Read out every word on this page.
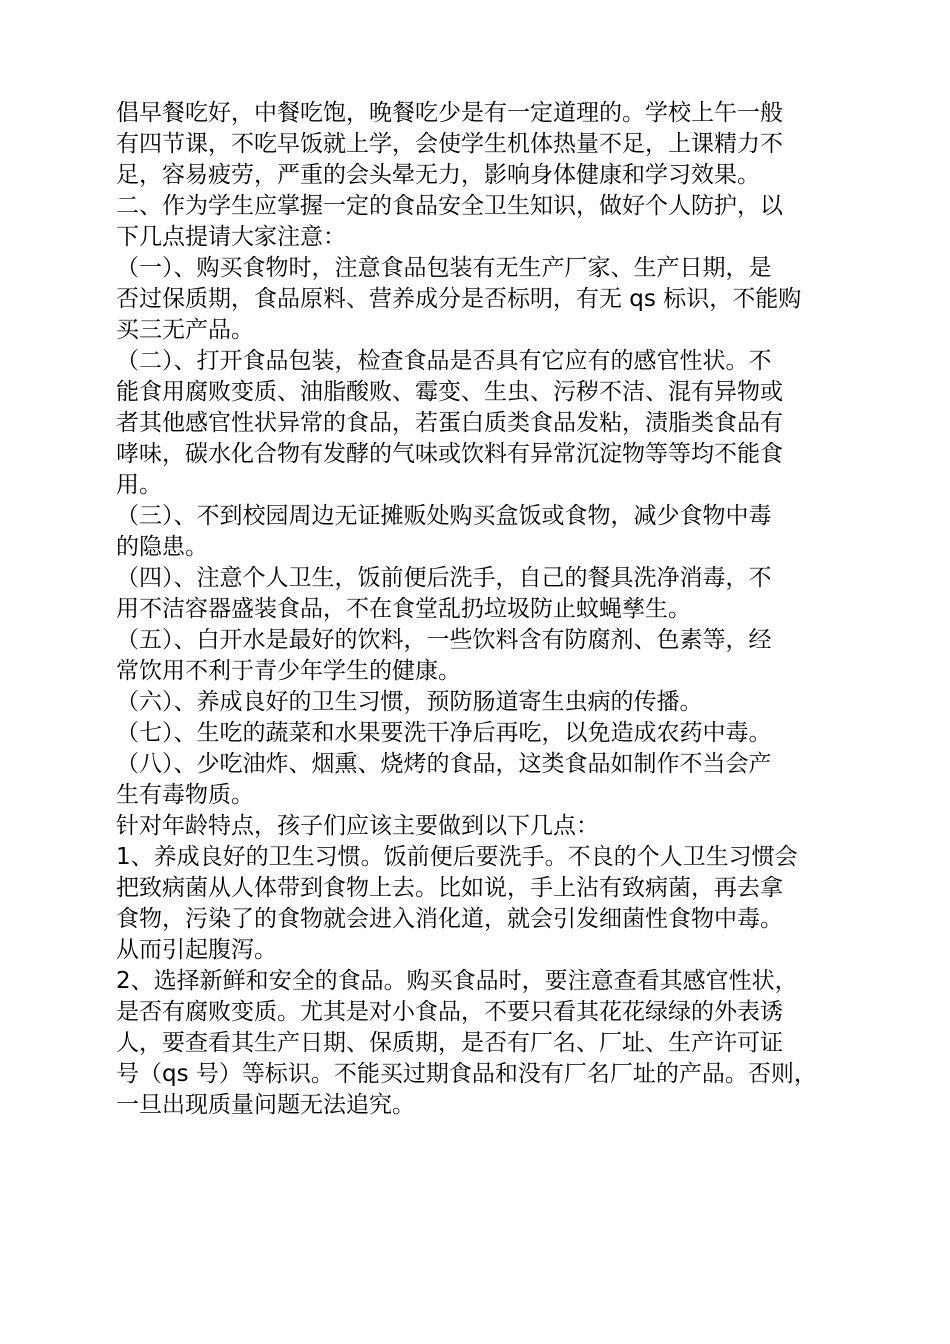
倡早餐吃好，中餐吃饱，晚餐吃少是有一定道理的。学校上午一般
有四节课，不吃早饭就上学，会使学生机体热量不足，上课精力不
足，容易疲劳，严重的会头晕无力，影响身体健康和学习效果。
二、作为学生应掌握一定的食品安全卫生知识，做好个人防护，以
下几点提请大家注意：
（一）、购买食物时，注意食品包装有无生产厂家、生产日期，是
否过保质期，食品原料、营养成分是否标明，有无 qs 标识，不能购
买三无产品。
（二）、打开食品包装，检查食品是否具有它应有的感官性状。不
能食用腐败变质、油脂酸败、霉变、生虫、污秽不洁、混有异物或
者其他感官性状异常的食品，若蛋白质类食品发粘，渍脂类食品有
哮味，碳水化合物有发酵的气味或饮料有异常沉淀物等等均不能食
用。
（三）、不到校园周边无证摊贩处购买盒饭或食物，减少食物中毒
的隐患。
（四）、注意个人卫生，饭前便后洗手，自己的餐具洗净消毒，不
用不洁容器盛装食品，不在食堂乱扔垃圾防止蚊蝇孳生。
（五）、白开水是最好的饮料，一些饮料含有防腐剂、色素等，经
常饮用不利于青少年学生的健康。
（六）、养成良好的卫生习惯，预防肠道寄生虫病的传播。
（七）、生吃的蔬菜和水果要洗干净后再吃，以免造成农药中毒。
（八）、少吃油炸、烟熏、烧烤的食品，这类食品如制作不当会产
生有毒物质。
针对年龄特点，孩子们应该主要做到以下几点：
1、养成良好的卫生习惯。饭前便后要洗手。不良的个人卫生习惯会
把致病菌从人体带到食物上去。比如说，手上沾有致病菌，再去拿
食物，污染了的食物就会进入消化道，就会引发细菌性食物中毒。
从而引起腹泻。
2、选择新鲜和安全的食品。购买食品时，要注意查看其感官性状，
是否有腐败变质。尤其是对小食品，不要只看其花花绿绿的外表诱
人，要查看其生产日期、保质期，是否有厂名、厂址、生产许可证
号（qs 号）等标识。不能买过期食品和没有厂名厂址的产品。否则，
一旦出现质量问题无法追究。
